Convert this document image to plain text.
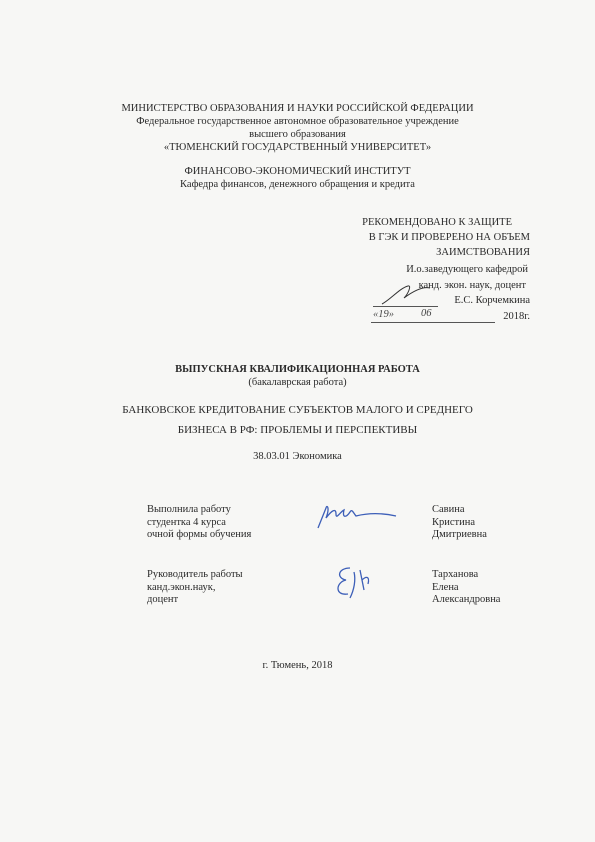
МИНИСТЕРСТВО ОБРАЗОВАНИЯ И НАУКИ РОССИЙСКОЙ ФЕДЕРАЦИИ
Федеральное государственное автономное образовательное учреждение
высшего образования
«ТЮМЕНСКИЙ ГОСУДАРСТВЕННЫЙ УНИВЕРСИТЕТ»
ФИНАНСОВО-ЭКОНОМИЧЕСКИЙ ИНСТИТУТ
Кафедра финансов, денежного обращения и кредита
РЕКОМЕНДОВАНО К ЗАЩИТЕ
В ГЭК И ПРОВЕРЕНО НА ОБЪЕМ
ЗАИМСТВОВАНИЯ
И.о.заведующего кафедрой
канд. экон. наук, доцент
Е.С. Корчемкина
2018г.
«19»	06
ВЫПУСКНАЯ КВАЛИФИКАЦИОННАЯ РАБОТА
(бакалаврская работа)
БАНКОВСКОЕ КРЕДИТОВАНИЕ СУБЪЕКТОВ МАЛОГО И СРЕДНЕГО
БИЗНЕСА В РФ: ПРОБЛЕМЫ И ПЕРСПЕКТИВЫ
38.03.01 Экономика
Выполнила работу
студентка 4 курса
очной формы обучения
Савина
Кристина
Дмитриевна
Руководитель работы
канд.экон.наук,
доцент
Тарханова
Елена
Александровна
г. Тюмень, 2018
